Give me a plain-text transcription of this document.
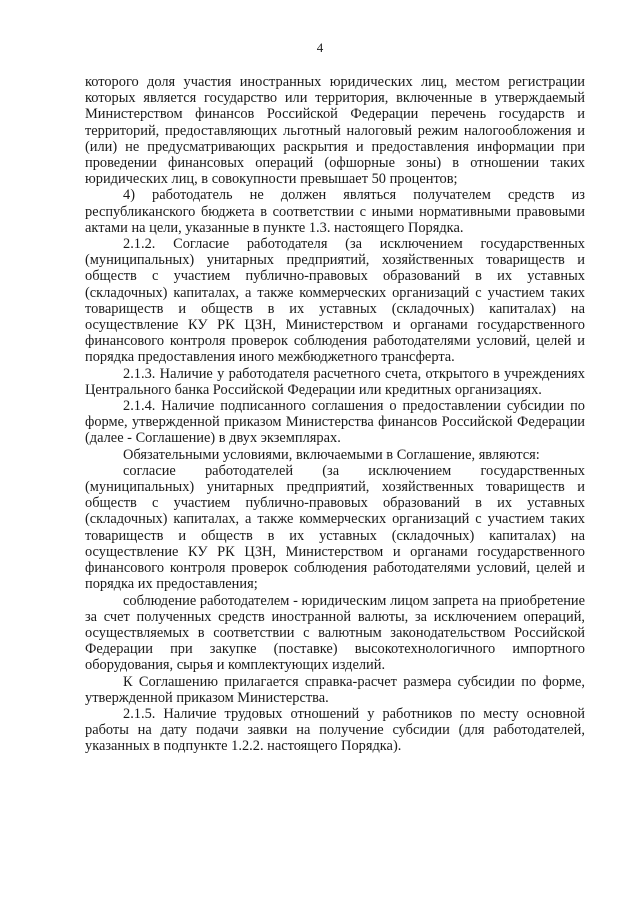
4

которого доля участия иностранных юридических лиц, местом регистрации которых является государство или территория, включенные в утверждаемый Министерством финансов Российской Федерации перечень государств и территорий, предоставляющих льготный налоговый режим налогообложения и (или) не предусматривающих раскрытия и предоставления информации при проведении финансовых операций (офшорные зоны) в отношении таких юридических лиц, в совокупности превышает 50 процентов;

4) работодатель не должен являться получателем средств из республиканского бюджета в соответствии с иными нормативными правовыми актами на цели, указанные в пункте 1.3. настоящего Порядка.

2.1.2. Согласие работодателя (за исключением государственных (муниципальных) унитарных предприятий, хозяйственных товариществ и обществ с участием публично-правовых образований в их уставных (складочных) капиталах, а также коммерческих организаций с участием таких товариществ и обществ в их уставных (складочных) капиталах) на осуществление КУ РК ЦЗН, Министерством и органами государственного финансового контроля проверок соблюдения работодателями условий, целей и порядка предоставления иного межбюджетного трансферта.

2.1.3. Наличие у работодателя расчетного счета, открытого в учреждениях Центрального банка Российской Федерации или кредитных организациях.

2.1.4. Наличие подписанного соглашения о предоставлении субсидии по форме, утвержденной приказом Министерства финансов Российской Федерации (далее - Соглашение) в двух экземплярах.

Обязательными условиями, включаемыми в Соглашение, являются:

согласие работодателей (за исключением государственных (муниципальных) унитарных предприятий, хозяйственных товариществ и обществ с участием публично-правовых образований в их уставных (складочных) капиталах, а также коммерческих организаций с участием таких товариществ и обществ в их уставных (складочных) капиталах) на осуществление КУ РК ЦЗН, Министерством и органами государственного финансового контроля проверок соблюдения работодателями условий, целей и порядка их предоставления;

соблюдение работодателем - юридическим лицом запрета на приобретение за счет полученных средств иностранной валюты, за исключением операций, осуществляемых в соответствии с валютным законодательством Российской Федерации при закупке (поставке) высокотехнологичного импортного оборудования, сырья и комплектующих изделий.

К Соглашению прилагается справка-расчет размера субсидии по форме, утвержденной приказом Министерства.

2.1.5. Наличие трудовых отношений у работников по месту основной работы на дату подачи заявки на получение субсидии (для работодателей, указанных в подпункте 1.2.2. настоящего Порядка).
